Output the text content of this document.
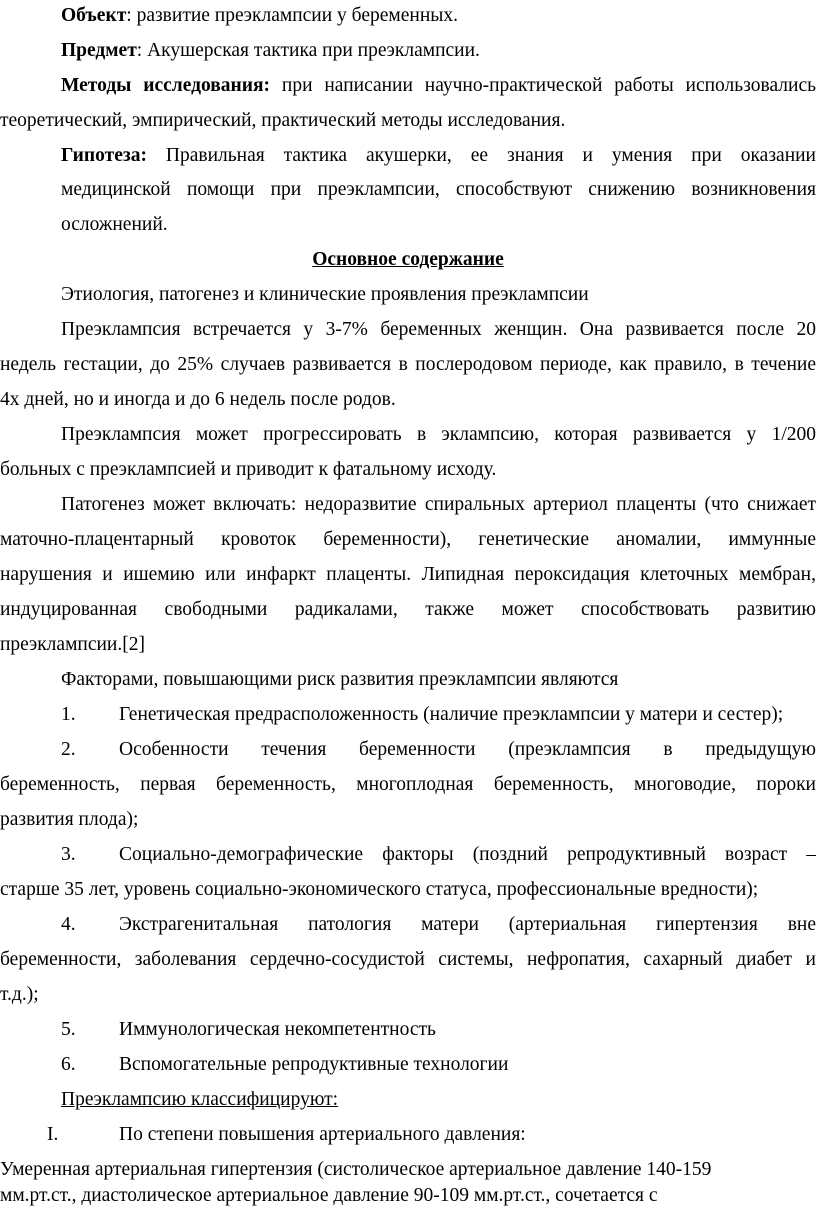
Объект: развитие преэклампсии у беременных.
Предмет: Акушерская тактика при преэклампсии.
Методы исследования: при написании научно-практической работы использовались
теоретический, эмпирический, практический методы исследования.
Гипотеза: Правильная тактика акушерки, ее знания и умения при оказании
медицинской помощи при преэклампсии, способствуют снижению возникновения
осложнений.
Основное содержание
Этиология, патогенез и клинические проявления преэклампсии
Преэклампсия встречается у 3-7% беременных женщин. Она развивается после 20
недель гестации, до 25% случаев развивается в послеродовом периоде, как правило, в течение
4х дней, но и иногда и до 6 недель после родов.
Преэклампсия может прогрессировать в эклампсию, которая развивается у 1/200
больных с преэклампсией и приводит к фатальному исходу.
Патогенез может включать: недоразвитие спиральных артериол плаценты (что снижает
маточно-плацентарный кровоток беременности), генетические аномалии, иммунные
нарушения и ишемию или инфаркт плаценты. Липидная пероксидация клеточных мембран,
индуцированная свободными радикалами, также может способствовать развитию
преэклампсии.[2]
Факторами, повышающими риск развития преэклампсии являются
1. Генетическая предрасположенность (наличие преэклампсии у матери и сестер);
2. Особенности течения беременности (преэклампсия в предыдущую
беременность, первая беременность, многоплодная беременность, многоводие, пороки
развития плода);
3. Социально-демографические факторы (поздний репродуктивный возраст –
старше 35 лет, уровень социально-экономического статуса, профессиональные вредности);
4. Экстрагенитальная патология матери (артериальная гипертензия вне
беременности, заболевания сердечно-сосудистой системы, нефропатия, сахарный диабет и
т.д.);
5. Иммунологическая некомпетентность
6. Вспомогательные репродуктивные технологии
Преэклампсию классифицируют:
I.	По степени повышения артериального давления:
Умеренная артериальная гипертензия (систолическое артериальное давление 140-159
мм.рт.ст., диастолическое артериальное давление 90-109 мм.рт.ст., сочетается с
